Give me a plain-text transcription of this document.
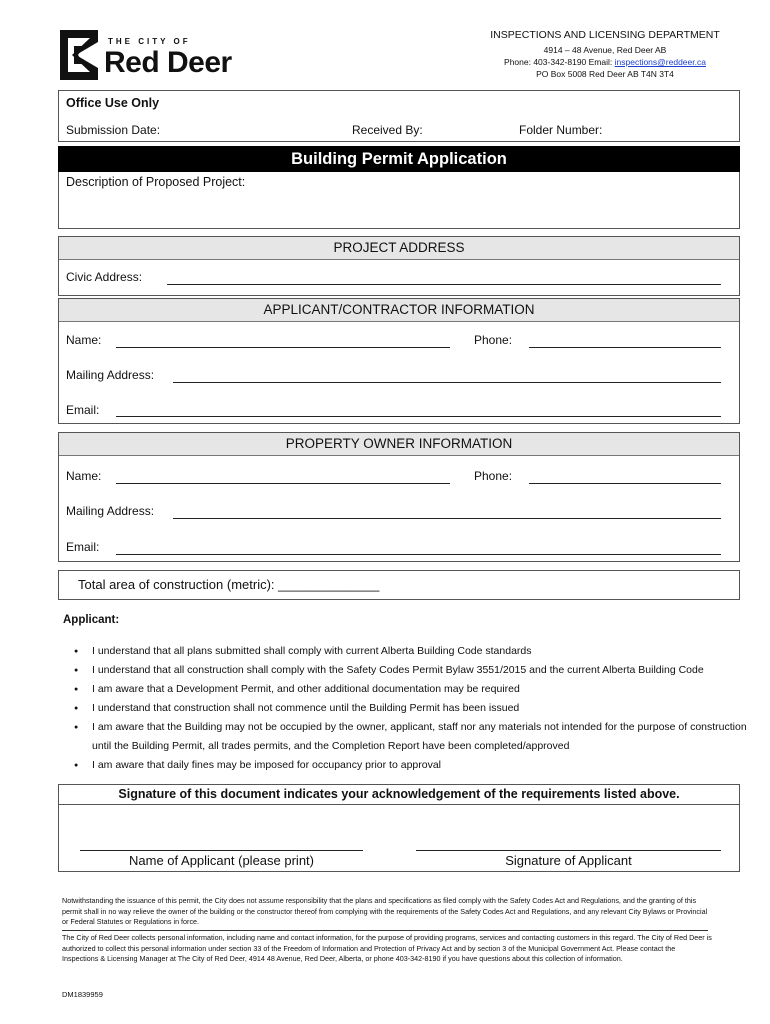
THE CITY OF
Red Deer
INSPECTIONS AND LICENSING DEPARTMENT
4914 – 48 Avenue, Red Deer AB
Phone: 403-342-8190 Email: inspections@reddeer.ca
PO Box 5008 Red Deer AB T4N 3T4
Office Use Only
Submission Date:	Received By:	Folder Number:
Building Permit Application
Description of Proposed Project:
PROJECT ADDRESS
Civic Address:
APPLICANT/CONTRACTOR INFORMATION
Name:	Phone:
Mailing Address:
Email:
PROPERTY OWNER INFORMATION
Name:	Phone:
Mailing Address:
Email:
Total area of construction (metric): ______________
Applicant:
● I understand that all plans submitted shall comply with current Alberta Building Code standards
● I understand that all construction shall comply with the Safety Codes Permit Bylaw 3551/2015 and the current Alberta Building Code
● I am aware that a Development Permit, and other additional documentation may be required
● I understand that construction shall not commence until the Building Permit has been issued
● I am aware that the Building may not be occupied by the owner, applicant, staff nor any materials not intended for the purpose of construction until the Building Permit, all trades permits, and the Completion Report have been completed/approved
● I am aware that daily fines may be imposed for occupancy prior to approval
Signature of this document indicates your acknowledgement of the requirements listed above.
Name of Applicant (please print)	Signature of Applicant
Notwithstanding the issuance of this permit, the City does not assume responsibility that the plans and specifications as filed comply with the Safety Codes Act and Regulations, and the granting of this permit shall in no way relieve the owner of the building or the constructor thereof from complying with the requirements of the Safety Codes Act and Regulations, and any relevant City Bylaws or Provincial or Federal Statutes or Regulations in force.
The City of Red Deer collects personal information, including name and contact information, for the purpose of providing programs, services and contacting customers in this regard. The City of Red Deer is authorized to collect this personal information under section 33 of the Freedom of Information and Protection of Privacy Act and by section 3 of the Municipal Government Act. Please contact the Inspections & Licensing Manager at The City of Red Deer, 4914 48 Avenue, Red Deer, Alberta, or phone 403-342-8190 if you have questions about this collection of information.
DM1839959
